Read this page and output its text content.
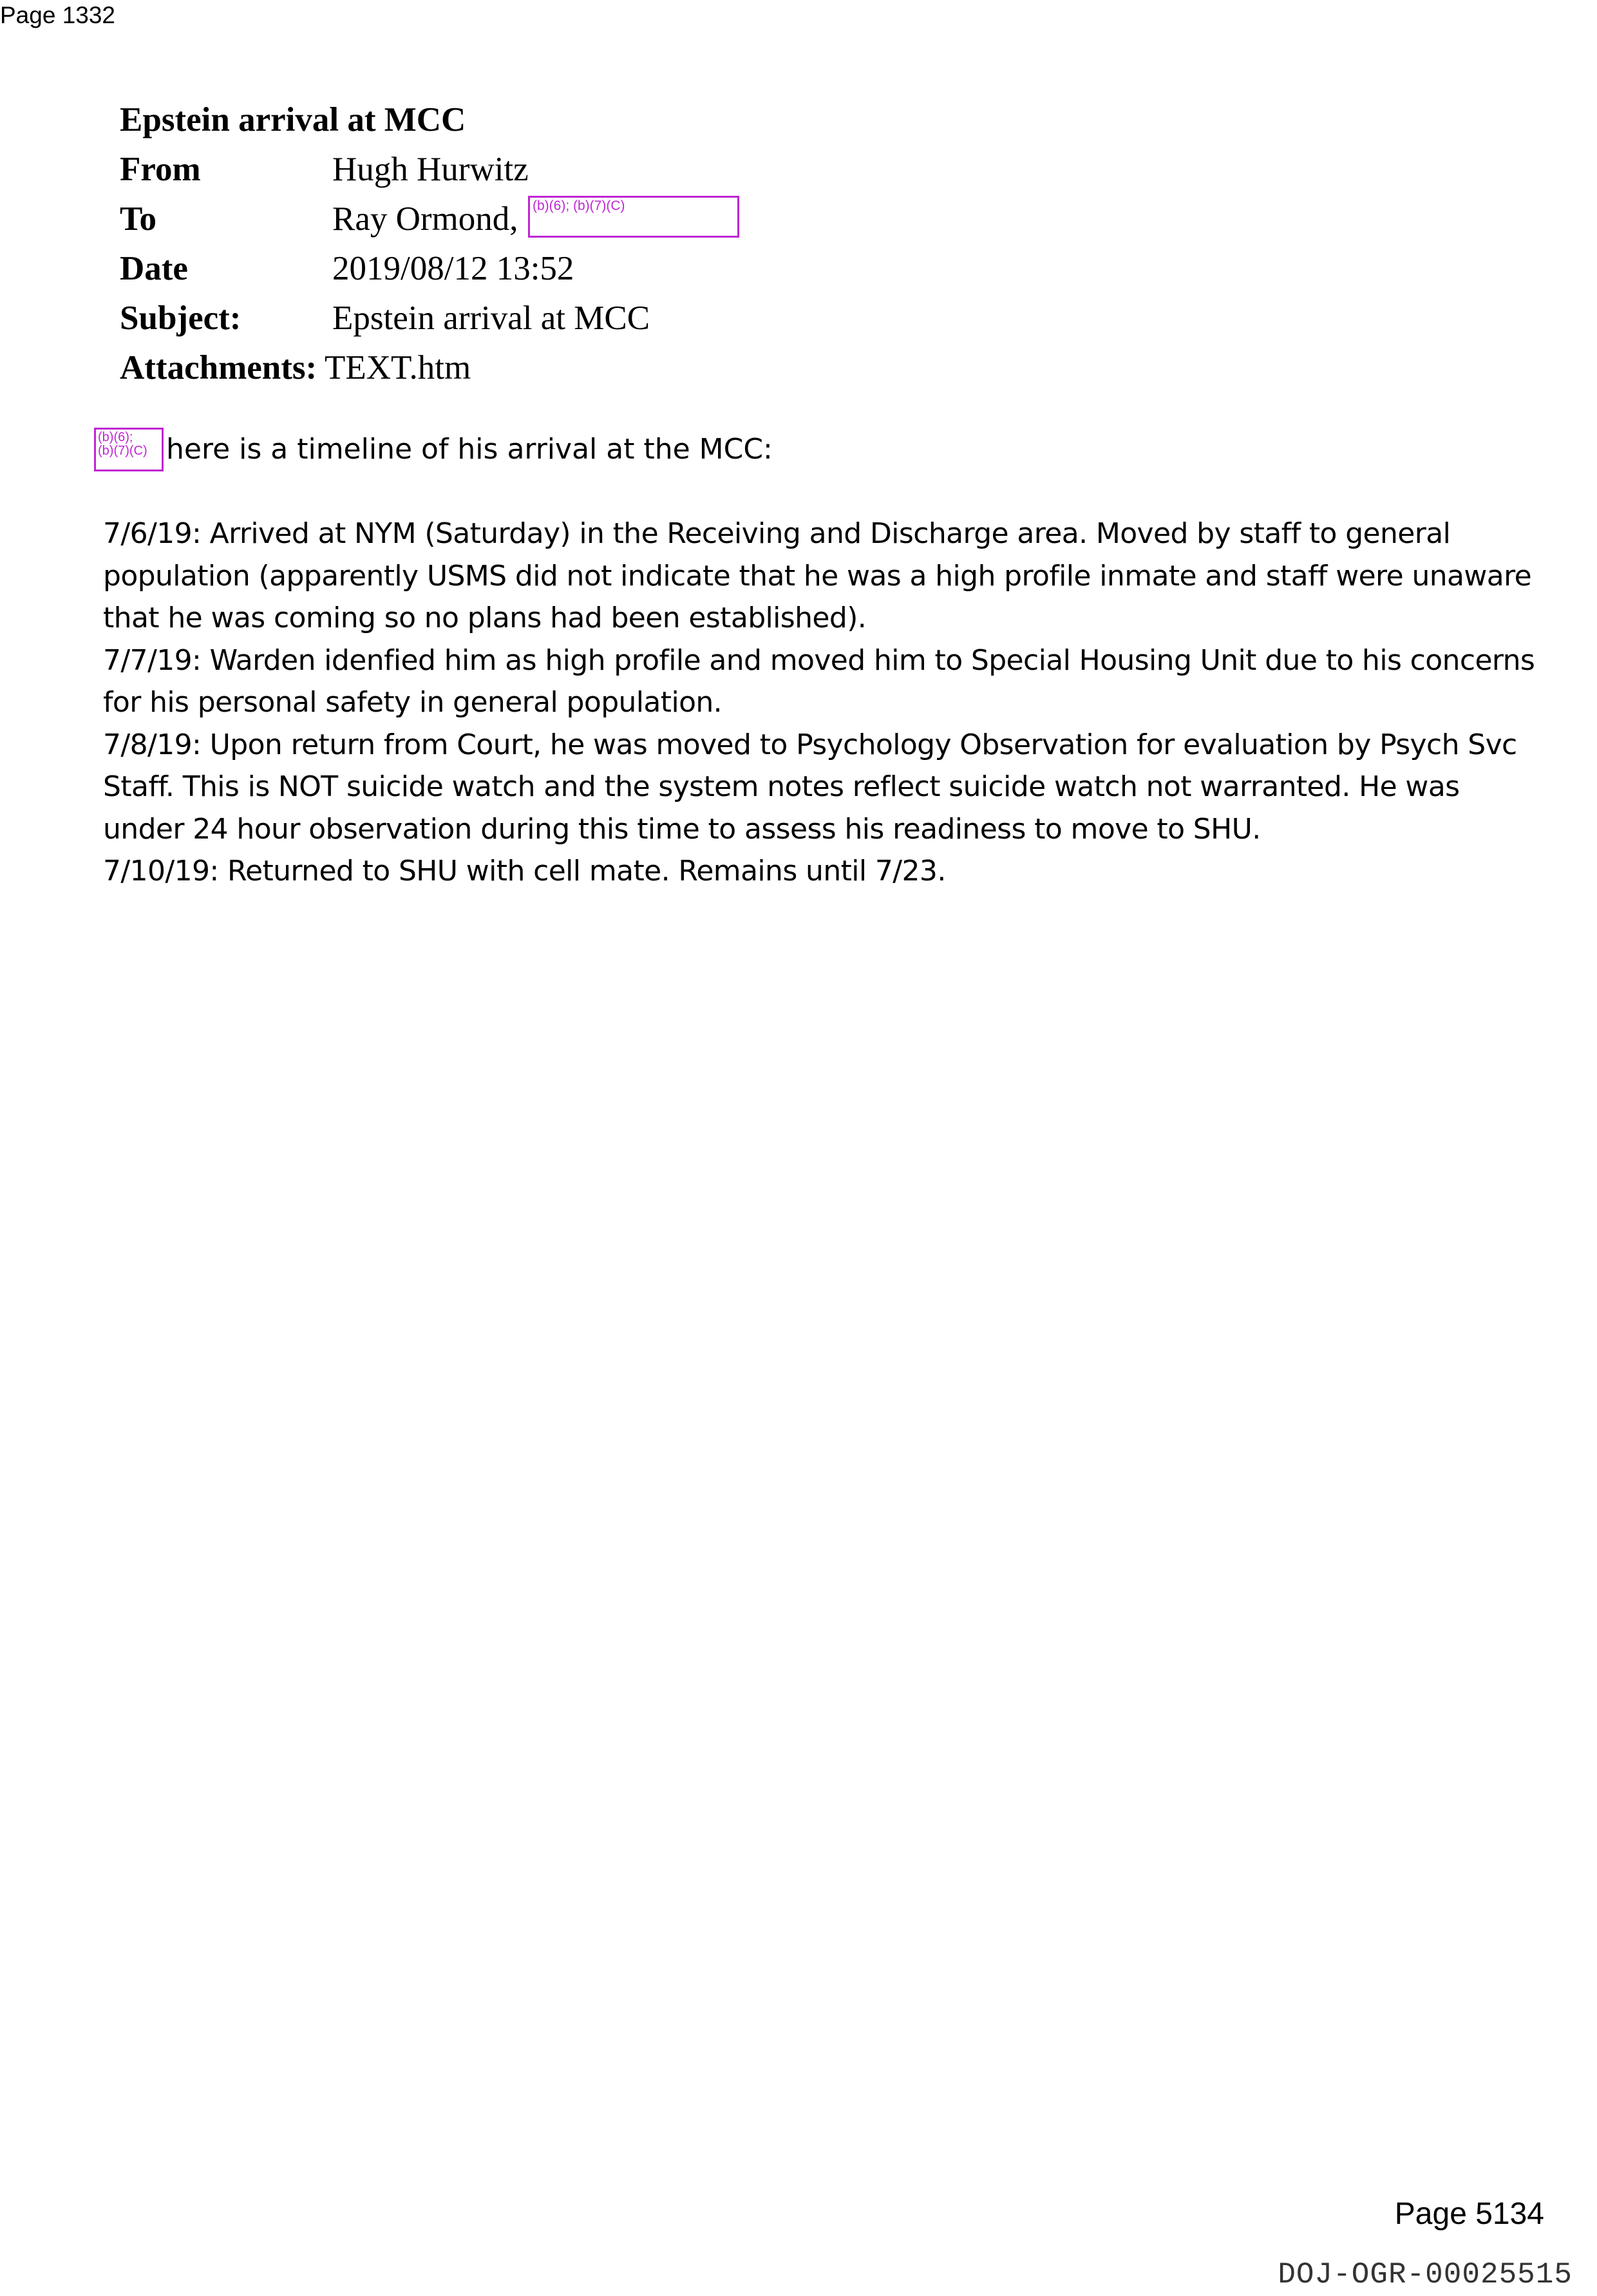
Page 1332
Epstein arrival at MCC
From	Hugh Hurwitz
To	Ray Ormond,
Date	2019/08/12 13:52
Subject:	Epstein arrival at MCC
Attachments: TEXT.htm
(b)(6); (b)(7)(C)
(b)(6);
(b)(7)(C) here is a timeline of his arrival at the MCC:

7/6/19: Arrived at NYM (Saturday) in the Receiving and Discharge area. Moved by staff to general population (apparently USMS did not indicate that he was a high profile inmate and staff were unaware that he was coming so no plans had been established).

7/7/19: Warden idenfied him as high profile and moved him to Special Housing Unit due to his concerns for his personal safety in general population.

7/8/19: Upon return from Court, he was moved to Psychology Observation for evaluation by Psych Svc Staff. This is NOT suicide watch and the system notes reflect suicide watch not warranted. He was under 24 hour observation during this time to assess his readiness to move to SHU.

7/10/19: Returned to SHU with cell mate. Remains until 7/23.

Page 5134
DOJ-OGR-00025515
